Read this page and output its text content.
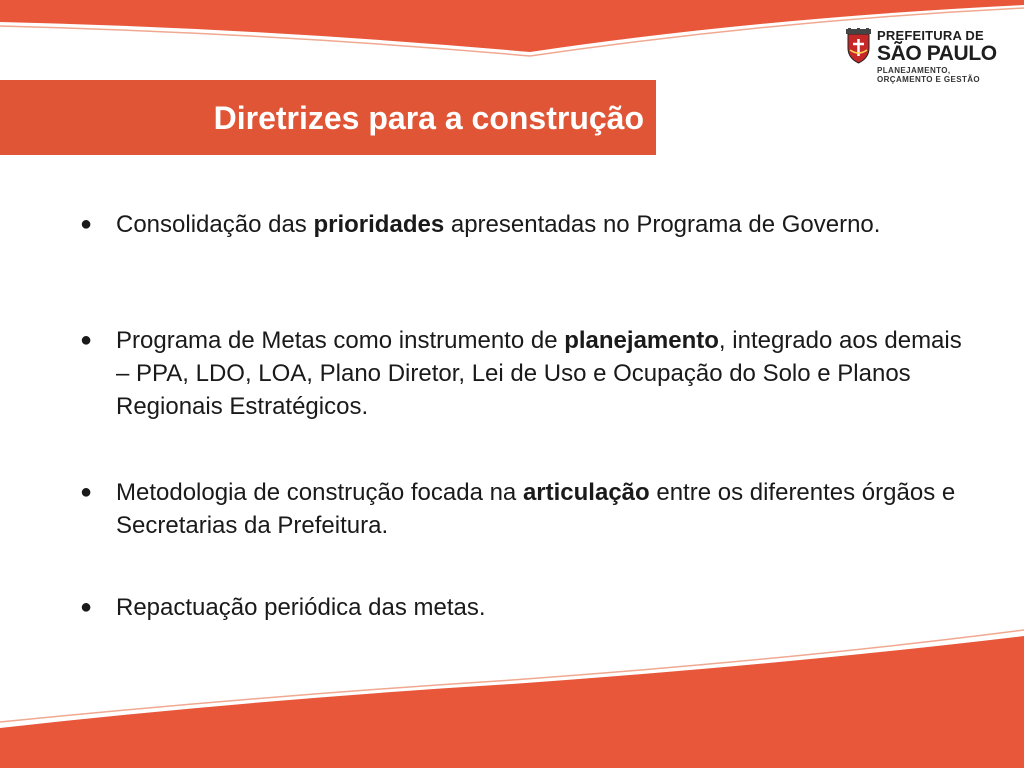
Diretrizes para a construção
PREFEITURA DE
SÃO PAULO
PLANEJAMENTO,
ORÇAMENTO E GESTÃO
● Consolidação das prioridades apresentadas no Programa de Governo.
● Programa de Metas como instrumento de planejamento, integrado aos demais – PPA, LDO, LOA, Plano Diretor, Lei de Uso e Ocupação do Solo e Planos Regionais Estratégicos.
● Metodologia de construção focada na articulação entre os diferentes órgãos e Secretarias da Prefeitura.
● Repactuação periódica das metas.
